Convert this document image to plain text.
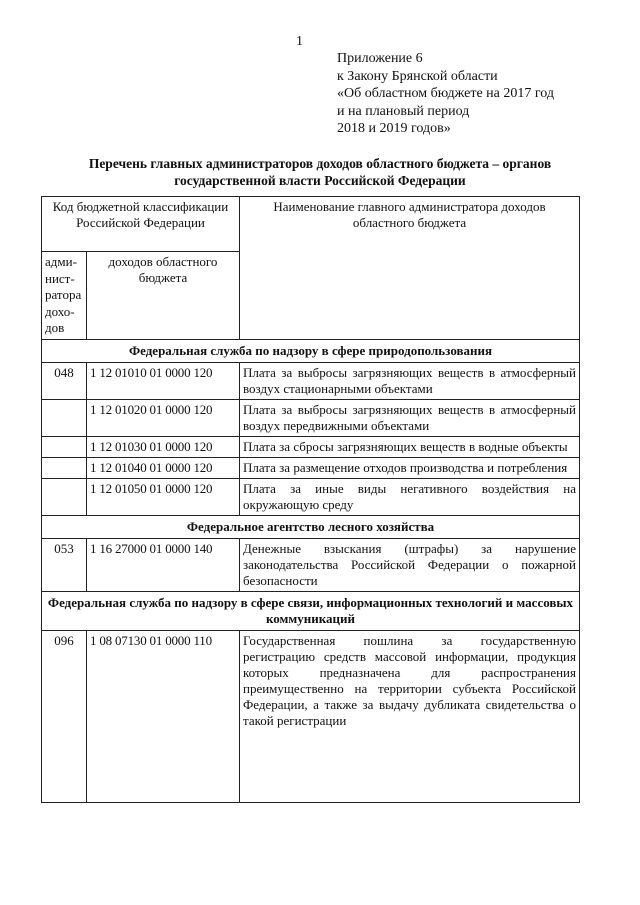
1
Приложение 6
к Закону Брянской области
«Об областном бюджете на 2017 год
и на плановый период
2018 и 2019 годов»
Перечень главных администраторов доходов областного бюджета – органов
государственной власти Российской Федерации
Код бюджетной классификации Российской Федерации		Наименование главного администратора доходов областного бюджета
адми-нист-ратора дохо-дов	доходов областного бюджета	
Федеральная служба по надзору в сфере природопользования		
048	1 12 01010 01 0000 120	Плата за выбросы загрязняющих веществ в атмосферный воздух стационарными объектами
	1 12 01020 01 0000 120	Плата за выбросы загрязняющих веществ в атмосферный воздух передвижными объектами
	1 12 01030 01 0000 120	Плата за сбросы загрязняющих веществ в водные объекты
	1 12 01040 01 0000 120	Плата за размещение отходов производства и потребления
	1 12 01050 01 0000 120	Плата за иные виды негативного воздействия на окружающую среду
Федеральное агентство лесного хозяйства		
053	1 16 27000 01 0000 140	Денежные взыскания (штрафы) за нарушение законодательства Российской Федерации о пожарной безопасности
Федеральная служба по надзору в сфере связи, информационных технологий и массовых коммуникаций		
096	1 08 07130 01 0000 110	Государственная пошлина за государственную регистрацию средств массовой информации, продукция которых предназначена для распространения преимущественно на территории субъекта Российской Федерации, а также за выдачу дубликата свидетельства о такой регистрации
